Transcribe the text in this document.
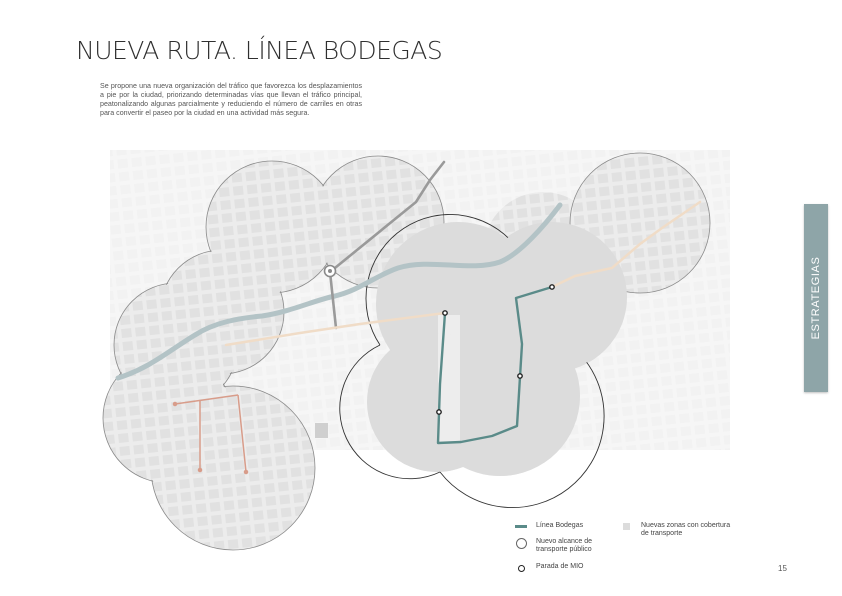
NUEVA RUTA. LÍNEA BODEGAS

Se propone una nueva organización del tráfico que favorezca los desplazamientos a pie por la ciudad, priorizando determinadas vías que llevan el tráfico principal, peatonalizando algunas parcialmente y reduciendo el número de carriles en otras para convertir el paseo por la ciudad en una actividad más segura.

ESTRATEGIAS
Línea Bodegas
Nuevo alcance de transporte público
Parada de MIO
Nuevas zonas con cobertura de transporte
15
